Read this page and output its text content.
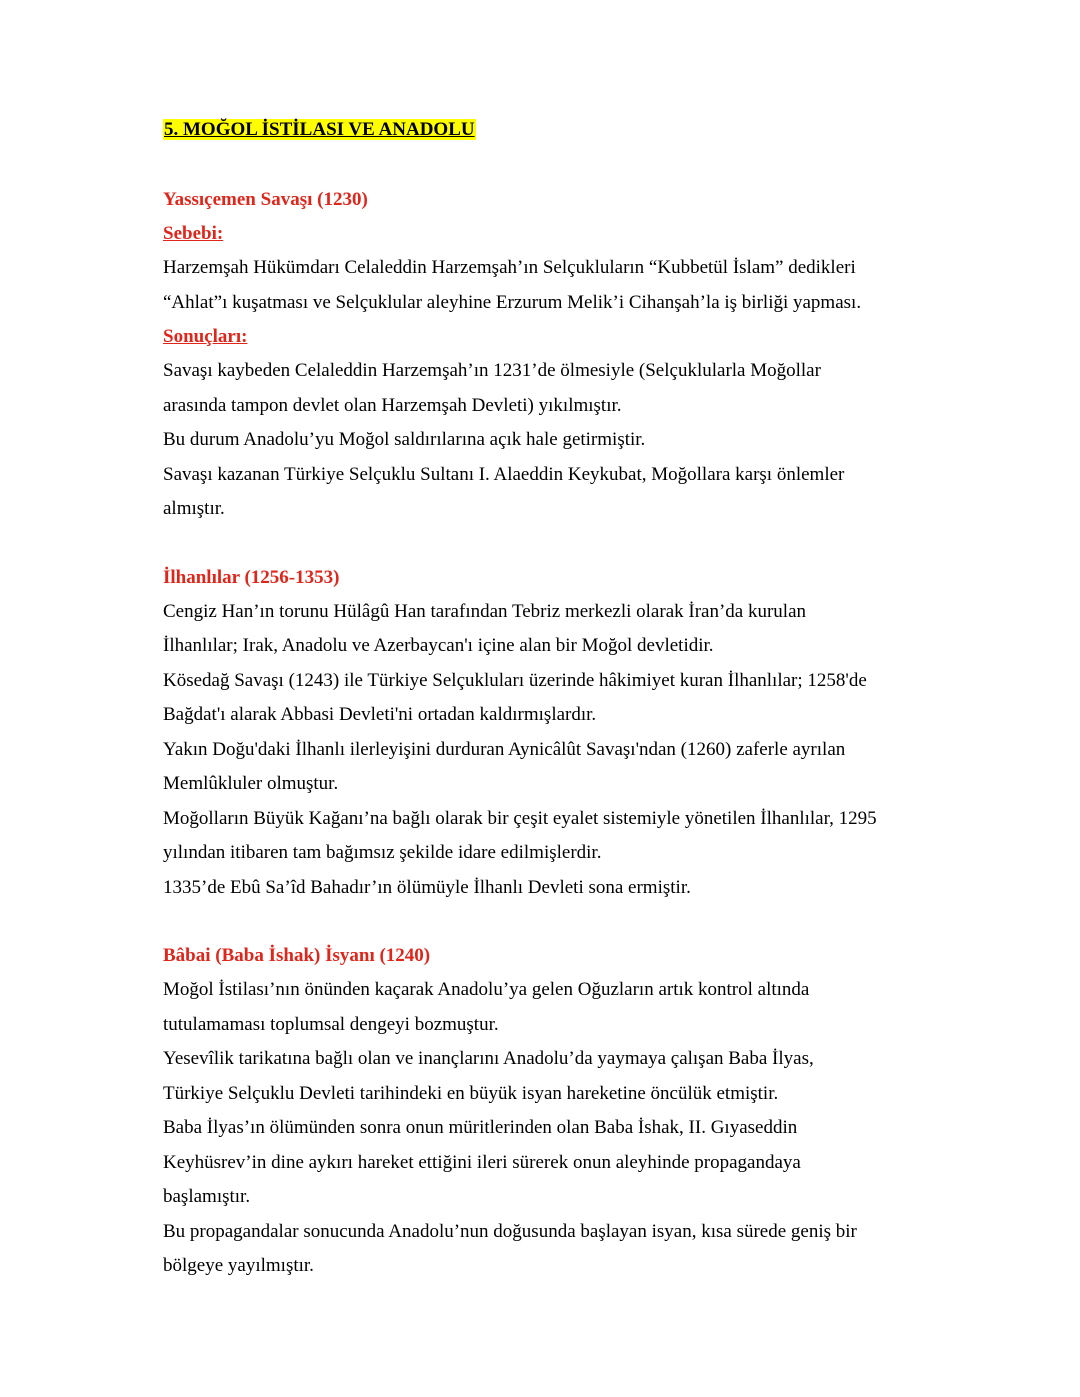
5. MOĞOL İSTİLASI VE ANADOLU

Yassıçemen Savaşı (1230)

Sebebi:

Harzemşah Hükümdarı Celaleddin Harzemşah’ın Selçukluların “Kubbetül İslam” dedikleri

“Ahlat”ı kuşatması ve Selçuklular aleyhine Erzurum Melik’i Cihanşah’la iş birliği yapması.

Sonuçları:

Savaşı kaybeden Celaleddin Harzemşah’ın 1231’de ölmesiyle (Selçuklularla Moğollar

arasında tampon devlet olan Harzemşah Devleti) yıkılmıştır.

Bu durum Anadolu’yu Moğol saldırılarına açık hale getirmiştir.

Savaşı kazanan Türkiye Selçuklu Sultanı I. Alaeddin Keykubat, Moğollara karşı önlemler

almıştır.

İlhanlılar (1256-1353)

Cengiz Han’ın torunu Hülâgû Han tarafından Tebriz merkezli olarak İran’da kurulan

İlhanlılar; Irak, Anadolu ve Azerbaycan'ı içine alan bir Moğol devletidir.

Kösedağ Savaşı (1243) ile Türkiye Selçukluları üzerinde hâkimiyet kuran İlhanlılar; 1258'de

Bağdat'ı alarak Abbasi Devleti'ni ortadan kaldırmışlardır.

Yakın Doğu'daki İlhanlı ilerleyişini durduran Aynicâlût Savaşı'ndan (1260) zaferle ayrılan

Memlûkluler olmuştur.

Moğolların Büyük Kağanı’na bağlı olarak bir çeşit eyalet sistemiyle yönetilen İlhanlılar, 1295

yılından itibaren tam bağımsız şekilde idare edilmişlerdir.

1335’de Ebû Sa’îd Bahadır’ın ölümüyle İlhanlı Devleti sona ermiştir.

Bâbai (Baba İshak) İsyanı (1240)

Moğol İstilası’nın önünden kaçarak Anadolu’ya gelen Oğuzların artık kontrol altında

tutulamaması toplumsal dengeyi bozmuştur.

Yesevîlik tarikatına bağlı olan ve inançlarını Anadolu’da yaymaya çalışan Baba İlyas,

Türkiye Selçuklu Devleti tarihindeki en büyük isyan hareketine öncülük etmiştir.

Baba İlyas’ın ölümünden sonra onun müritlerinden olan Baba İshak, II. Gıyaseddin

Keyhüsrev’in dine aykırı hareket ettiğini ileri sürerek onun aleyhinde propagandaya

başlamıştır.

Bu propagandalar sonucunda Anadolu’nun doğusunda başlayan isyan, kısa sürede geniş bir

bölgeye yayılmıştır.
